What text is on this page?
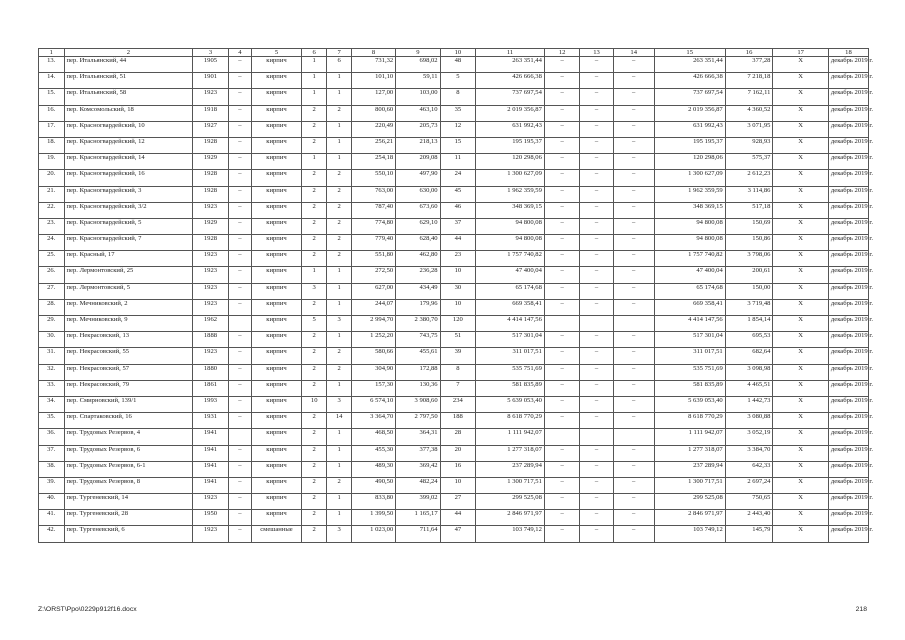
1	2	3	4	5	6	7	8	9	10	11	12	13	14	15	16	17	18
13.	пер. Итальянский, 44	1905	–	кирпич	1	6	731,32	698,02	48	263 351,44	–	–	–	263 351,44	377,28	X	декабрь 2019 г.
14.	пер. Итальянский, 51	1901	–	кирпич	1	1	101,10	59,11	5	426 666,38	–	–	–	426 666,38	7 218,18	X	декабрь 2019 г.
15.	пер. Итальянский, 58	1923	–	кирпич	1	1	127,00	103,00	8	737 697,54	–	–	–	737 697,54	7 162,11	X	декабрь 2019 г.
16.	пер. Комсомольский, 18	1918	–	кирпич	2	2	800,60	463,10	35	2 019 356,87	–	–	–	2 019 356,87	4 360,52	X	декабрь 2019 г.
17.	пер. Красногвардейский, 10	1927	–	кирпич	2	1	220,49	205,73	12	631 992,43	–	–	–	631 992,43	3 071,95	X	декабрь 2019 г.
18.	пер. Красногвардейский, 12	1928	–	кирпич	2	1	256,21	218,13	15	195 195,37	–	–	–	195 195,37	928,93	X	декабрь 2019 г.
19.	пер. Красногвардейский, 14	1929	–	кирпич	1	1	254,18	209,08	11	120 298,06	–	–	–	120 298,06	575,37	X	декабрь 2019 г.
20.	пер. Красногвардейский, 16	1928	–	кирпич	2	2	550,10	497,90	24	1 300 627,09	–	–	–	1 300 627,09	2 612,23	X	декабрь 2019 г.
21.	пер. Красногвардейский, 3	1928	–	кирпич	2	2	763,00	630,00	45	1 962 359,59	–	–	–	1 962 359,59	3 114,86	X	декабрь 2019 г.
22.	пер. Красногвардейский, 3/2	1923	–	кирпич	2	2	787,40	673,60	46	348 369,15	–	–	–	348 369,15	517,18	X	декабрь 2019 г.
23.	пер. Красногвардейский, 5	1929	–	кирпич	2	2	774,80	629,10	37	94 800,08	–	–	–	94 800,08	150,69	X	декабрь 2019 г.
24.	пер. Красногвардейский, 7	1928	–	кирпич	2	2	779,40	628,40	44	94 800,08	–	–	–	94 800,08	150,86	X	декабрь 2019 г.
25.	пер. Красный, 17	1923	–	кирпич	2	2	551,80	462,80	23	1 757 740,82	–	–	–	1 757 740,82	3 798,06	X	декабрь 2019 г.
26.	пер. Лермонтовский, 25	1923	–	кирпич	1	1	272,50	236,28	10	47 400,04	–	–	–	47 400,04	200,61	X	декабрь 2019 г.
27.	пер. Лермонтовский, 5	1923	–	кирпич	3	1	627,00	434,49	30	65 174,68	–	–	–	65 174,68	150,00	X	декабрь 2019 г.
28.	пер. Мечниковский, 2	1923	–	кирпич	2	1	244,07	179,96	10	669 358,41	–	–	–	669 358,41	3 719,48	X	декабрь 2019 г.
29.	пер. Мечниковский, 9	1962		кирпич	5	3	2 994,70	2 380,70	120	4 414 147,56				4 414 147,56	1 854,14	X	декабрь 2019 г.
30.	пер. Некрасовский, 13	1888	–	кирпич	2	1	1 252,20	743,75	51	517 301,04	–	–	–	517 301,04	695,53	X	декабрь 2019 г.
31.	пер. Некрасовский, 55	1923	–	кирпич	2	2	580,66	455,61	39	311 017,51	–	–	–	311 017,51	682,64	X	декабрь 2019 г.
32.	пер. Некрасовский, 57	1880	–	кирпич	2	2	304,90	172,88	8	535 751,69	–	–	–	535 751,69	3 098,98	X	декабрь 2019 г.
33.	пер. Некрасовский, 79	1861	–	кирпич	2	1	157,30	130,36	7	581 835,89	–	–	–	581 835,89	4 465,51	X	декабрь 2019 г.
34.	пер. Смирновский, 139/1	1993	–	кирпич	10	3	6 574,10	3 908,60	234	5 639 053,40	–	–	–	5 639 053,40	1 442,73	X	декабрь 2019 г.
35.	пер. Спартаковский, 16	1931	–	кирпич	2	14	3 364,70	2 797,50	188	8 618 770,29	–	–	–	8 618 770,29	3 080,88	X	декабрь 2019 г.
36.	пер. Трудовых Резервов, 4	1941		кирпич	2	1	468,50	364,31	28	1 111 942,07				1 111 942,07	3 052,19	X	декабрь 2019 г.
37.	пер. Трудовых Резервов, 6	1941	–	кирпич	2	1	455,30	377,38	20	1 277 318,07	–	–	–	1 277 318,07	3 384,70	X	декабрь 2019 г.
38.	пер. Трудовых Резервов, 6-1	1941	–	кирпич	2	1	489,30	369,42	16	237 289,94	–	–	–	237 289,94	642,33	X	декабрь 2019 г.
39.	пер. Трудовых Резервов, 8	1941	–	кирпич	2	2	490,50	482,24	10	1 300 717,51	–	–	–	1 300 717,51	2 697,24	X	декабрь 2019 г.
40.	пер. Тургеневский, 14	1923	–	кирпич	2	1	833,80	399,02	27	299 525,08	–	–	–	299 525,08	750,65	X	декабрь 2019 г.
41.	пер. Тургеневский, 28	1950	–	кирпич	2	1	1 399,50	1 165,17	44	2 846 971,97	–	–	–	2 846 971,97	2 443,40	X	декабрь 2019 г.
42.	пер. Тургеневский, 6	1923	–	смешанные	2	3	1 023,00	711,64	47	103 749,12	–	–	–	103 749,12	145,79	X	декабрь 2019 г.
Z:\ORST\Ppo\0229p912f16.docx	218
